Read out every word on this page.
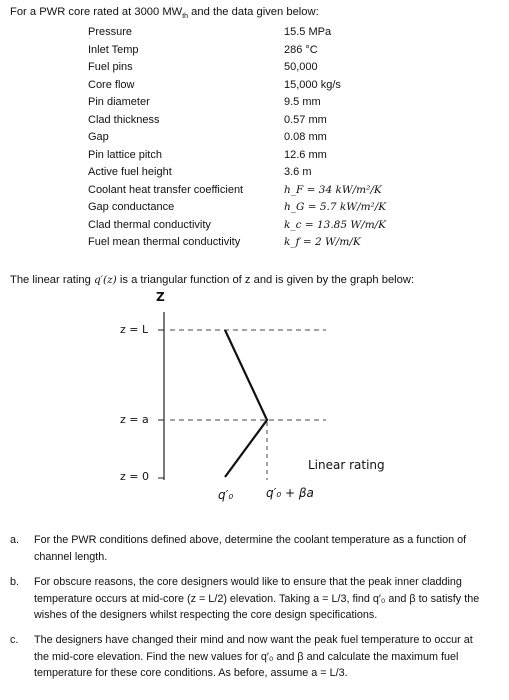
For a PWR core rated at 3000 $MW_{th}$ and the data given below:
Pressure	15.5 MPa
Inlet Temp	286 °C
Fuel pins	50,000
Core flow	15,000 kg/s
Pin diameter	9.5 mm
Clad thickness	0.57 mm
Gap	0.08 mm
Pin lattice pitch	12.6 mm
Active fuel height	3.6 m
Coolant heat transfer coefficient	h_F = 34 kW/m²/K
Gap conductance	h_G = 5.7 kW/m²/K
Clad thermal conductivity	k_c = 13.85 W/m/K
Fuel mean thermal conductivity	k_f = 2 W/m/K
The linear rating q′(z) is a triangular function of z and is given by the graph below:
Z
z = L
z = a
z = 0
Linear rating
q′₀	q′₀ + βa
a. For the PWR conditions defined above, determine the coolant temperature as a function of channel length.
b. For obscure reasons, the core designers would like to ensure that the peak inner cladding temperature occurs at mid-core (z = L/2) elevation. Taking a = L/3, find q′₀ and β to satisfy the wishes of the designers whilst respecting the core design specifications.
c. The designers have changed their mind and now want the peak fuel temperature to occur at the mid-core elevation. Find the new values for q′₀ and β and calculate the maximum fuel temperature for these core conditions. As before, assume a = L/3.
